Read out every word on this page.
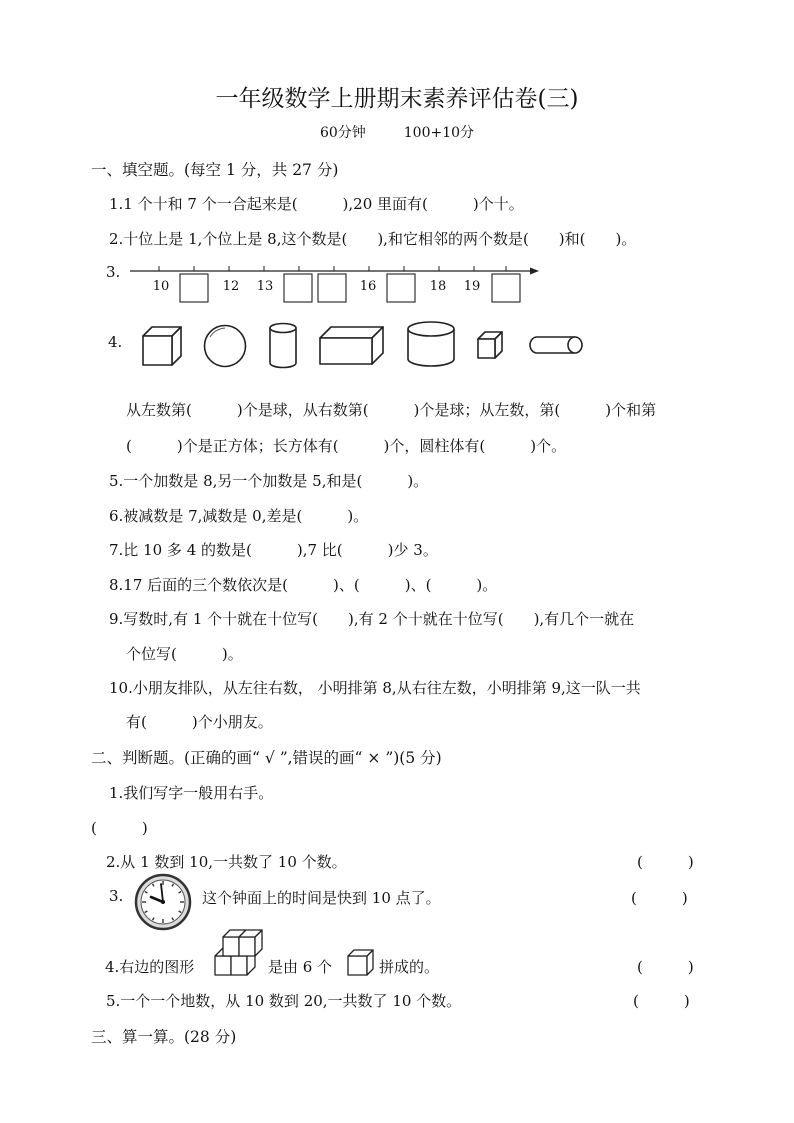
一年级数学上册期末素养评估卷(三)
60分钟	100+10分
一、填空题。(每空 1 分，共 27 分)
1.1 个十和 7 个一合起来是(　　　),20 里面有(　　　)个十。
2.十位上是 1,个位上是 8,这个数是(　　),和它相邻的两个数是(　　)和(　　)。
3.
10	12 13	16	18 19
4.
从左数第(　　　)个是球，从右数第(　　　)个是球；从左数，第(　　　)个和第
(　　　)个是正方体；长方体有(　　　)个，圆柱体有(　　　)个。
5.一个加数是 8,另一个加数是 5,和是(　　　)。
6.被减数是 7,减数是 0,差是(　　　)。
7.比 10 多 4 的数是(　　　),7 比(　　　)少 3。
8.17 后面的三个数依次是(　　　)、(　　　)、(　　　)。
9.写数时,有 1 个十就在十位写(　　),有 2 个十就在十位写(　　),有几个一就在
个位写(　　　)。
10.小朋友排队，从左往右数， 小明排第 8,从右往左数，小明排第 9,这一队一共
有(　　　)个小朋友。
二、判断题。(正确的画“ √ ”,错误的画“ × ”)(5 分)
1.我们写字一般用右手。
(　　　)
2.从 1 数到 10,一共数了 10 个数。	(　　　)
3.	这个钟面上的时间是快到 10 点了。	(　　　)
4.右边的图形	是由 6 个	拼成的。	(　　　)
5.一个一个地数，从 10 数到 20,一共数了 10 个数。	(　　　)
三、算一算。(28 分)
